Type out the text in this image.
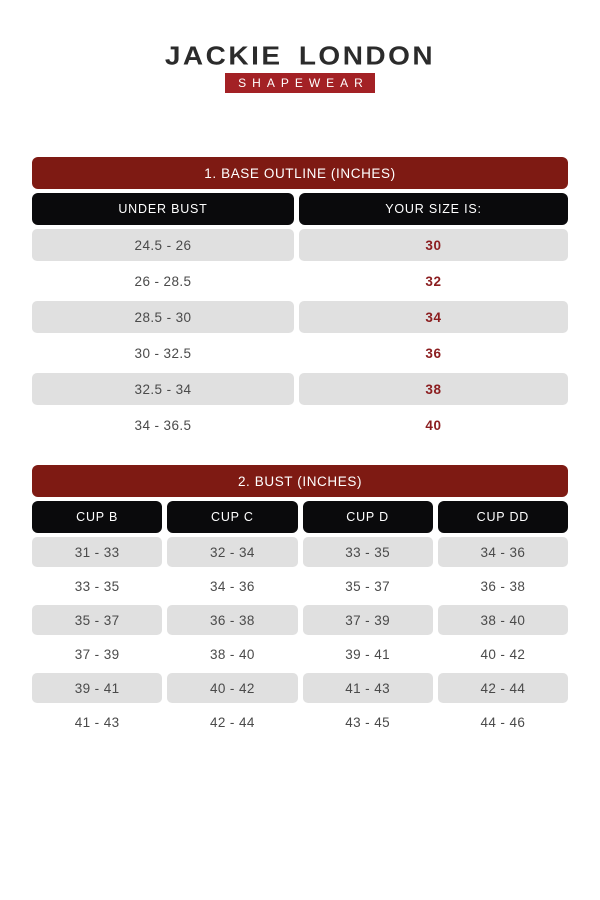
JACKIE LONDON
SHAPEWEAR
1. BASE OUTLINE (INCHES)
UNDER BUST	YOUR SIZE IS:
24.5 - 26	30
26 - 28.5	32
28.5 - 30	34
30 - 32.5	36
32.5 - 34	38
34 - 36.5	40
2. BUST (INCHES)
CUP B	CUP C	CUP D	CUP DD
31 - 33	32 - 34	33 - 35	34 - 36
33 - 35	34 - 36	35 - 37	36 - 38
35 - 37	36 - 38	37 - 39	38 - 40
37 - 39	38 - 40	39 - 41	40 - 42
39 - 41	40 - 42	41 - 43	42 - 44
41 - 43	42 - 44	43 - 45	44 - 46
